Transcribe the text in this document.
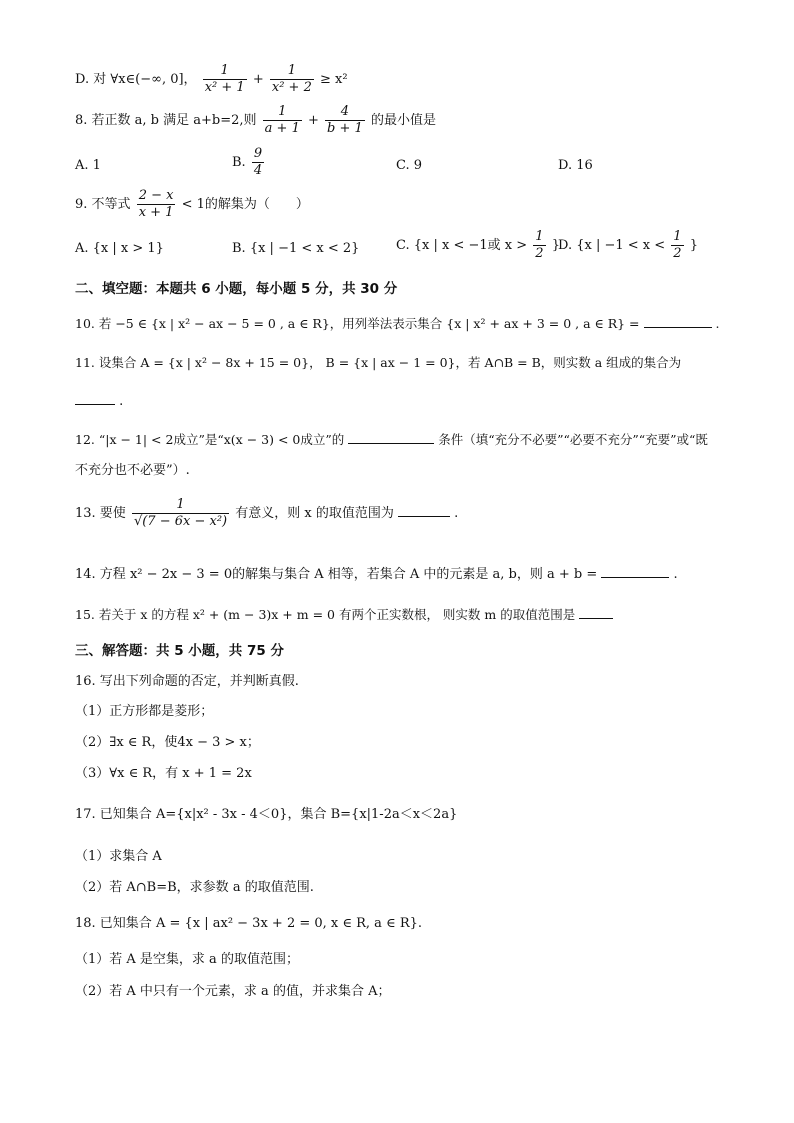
D. 对 ∀x∈(−∞, 0]， $\frac{1}{\text{x² + 1}} + \frac{1}{\text{x² + 2}} \ge x^2$
8. 若正数 a, b 满足 a+b=2,则 $\frac{1}{a + 1} + \frac{4}{b + 1}$ 的最小值是
A. 1	B. $\frac{9}{4}$	C. 9	D. 16
9. 不等式 $\frac{2 - x}{x + 1} < 1$的解集为（　　）
A. {x | x > 1}	B. {x | −1 < x < 2}	C. {x | x < −1或 $x > \frac{1}{2}$ }
D. {x | $-1 < x < \frac{1}{2}$ }
二、填空题：本题共 6 小题，每小题 5 分，共 30 分
10. 若 −5 ∈ {x | x² − ax − 5 = 0 , a ∈ R}，用列举法表示集合 {x | x² + ax + 3 = 0 , a ∈ R} =	.
11. 设集合 A = {x | x² − 8x + 15 = 0}， B = {x | ax − 1 = 0}，若 A∩B = B，则实数 a 组成的集合为
.
12. “|x − 1| < 2成立”是“x(x − 3) < 0成立”的	条件（填“充分不必要”“必要不充分”“充要”或“既
不充分也不必要”）.
13. 要使 $\frac{1}{\text{√(7 − 6x − x²)}}$ 有意义，则 x 的取值范围为	.
14. 方程 x² − 2x − 3 = 0的解集与集合 A 相等，若集合 A 中的元素是 a, b，则 a + b =	.
15. 若关于 x 的方程 x² + (m − 3)x + m = 0 有两个正实数根， 则实数 m 的取值范围是
三、解答题：共 5 小题，共 75 分
16. 写出下列命题的否定，并判断真假.
（1）正方形都是菱形；
（2）∃x ∈ R，使4x − 3 > x；
（3）∀x ∈ R，有 x + 1 = 2x
17. 已知集合 A={x|x² - 3x - 4＜0}，集合 B={x|1-2a＜x＜2a}
（1）求集合 A
（2）若 A∩B=B，求参数 a 的取值范围.
18. 已知集合 A = {x | ax² − 3x + 2 = 0, x ∈ R, a ∈ R}.
（1）若 A 是空集，求 a 的取值范围；
（2）若 A 中只有一个元素，求 a 的值，并求集合 A；
